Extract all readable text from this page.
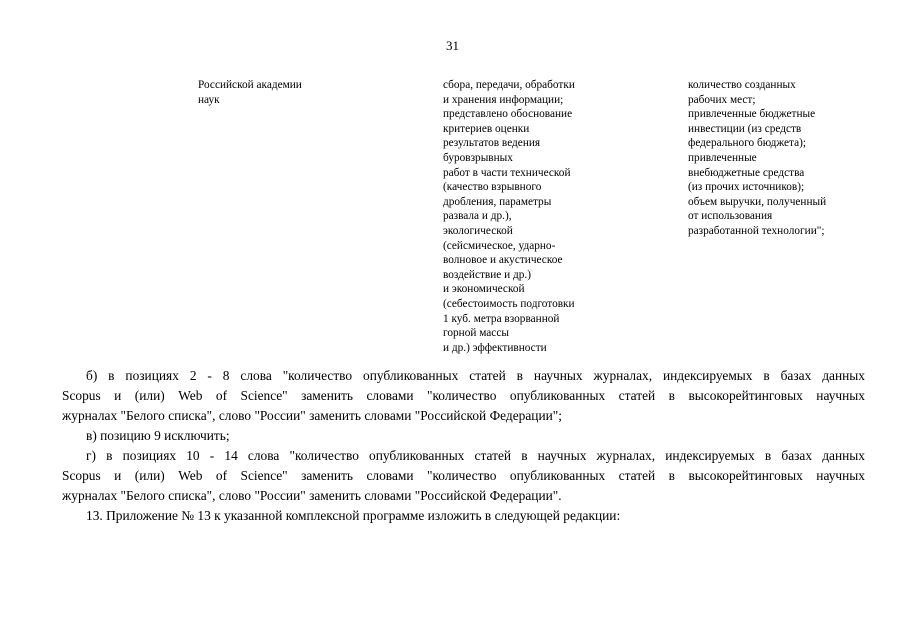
31
Российской академии
наук
сбора, передачи, обработки
и хранения информации;
представлено обоснование
критериев оценки
результатов ведения
буровзрывных
работ в части технической
(качество взрывного
дробления, параметры
развала и др.),
экологической
(сейсмическое, ударно-
волновое и акустическое
воздействие и др.)
и экономической
(себестоимость подготовки
1 куб. метра взорванной
горной массы
и др.) эффективности
количество созданных
рабочих мест;
привлеченные бюджетные
инвестиции (из средств
федерального бюджета);
привлеченные
внебюджетные средства
(из прочих источников);
объем выручки, полученный
от использования
разработанной технологии";
б) в позициях 2 - 8 слова "количество опубликованных статей в научных журналах, индексируемых в базах данных
Scopus и (или) Web of Science" заменить словами "количество опубликованных статей в высокорейтинговых научных
журналах "Белого списка", слово "России" заменить словами "Российской Федерации";
в) позицию 9 исключить;
г) в позициях 10 - 14 слова "количество опубликованных статей в научных журналах, индексируемых в базах данных
Scopus и (или) Web of Science" заменить словами "количество опубликованных статей в высокорейтинговых научных
журналах "Белого списка", слово "России" заменить словами "Российской Федерации".
13. Приложение № 13 к указанной комплексной программе изложить в следующей редакции:
